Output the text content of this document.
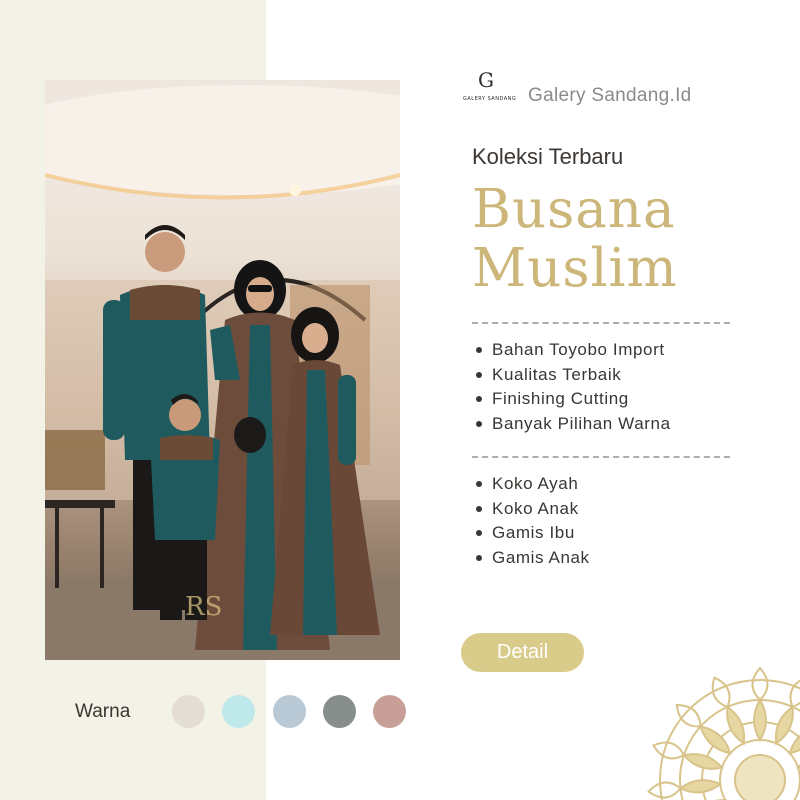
RS
G
GALERY SANDANG Galery Sandang.Id
Koleksi Terbaru
Busana
Muslim
Bahan Toyobo Import
Kualitas Terbaik
Finishing Cutting
Banyak Pilihan Warna
Koko Ayah
Koko Anak
Gamis Ibu
Gamis Anak
Detail
Warna
